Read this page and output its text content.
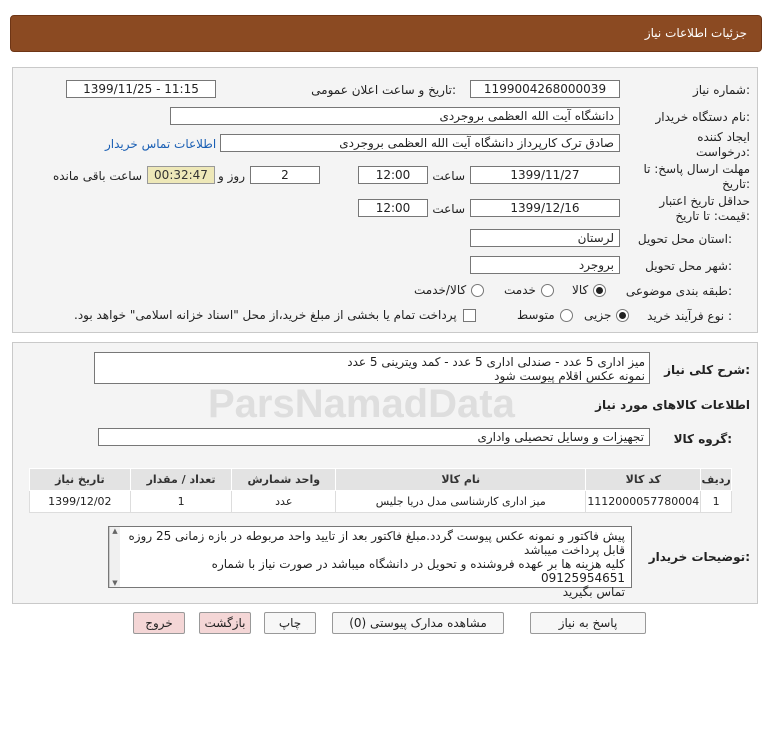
جزئیات اطلاعات نیاز
شماره نیاز:
1199004268000039
تاریخ و ساعت اعلان عمومی:
1399/11/25 - 11:15
نام دستگاه خریدار:
دانشگاه آیت الله العظمی بروجردی
ایجاد کننده درخواست:
صادق ترک کارپرداز دانشگاه آیت الله العظمی بروجردی
اطلاعات تماس خریدار
مهلت ارسال پاسخ: تا تاریخ:
1399/11/27
ساعت
12:00
2
روز و
00:32:47
ساعت باقی مانده
حداقل تاریخ اعتبار قیمت: تا تاریخ:
1399/12/16
ساعت
12:00
استان محل تحویل:
لرستان
شهر محل تحویل:
بروجرد
طبقه بندی موضوعی:
کالا
خدمت
کالا/خدمت
نوع فرآیند خرید :
جزیی
متوسط
پرداخت تمام یا بخشی از مبلغ خرید،از محل "اسناد خزانه اسلامی" خواهد بود.
شرح کلی نیاز:
میز اداری 5 عدد - صندلی اداری 5 عدد - کمد ویترینی 5 عدد
نمونه عکس اقلام پیوست شود
اطلاعات کالاهای مورد نیاز
گروه کالا:
تجهیزات و وسایل تحصیلی واداری
ردیف	کد کالا	نام کالا	واحد شمارش	تعداد / مقدار	تاریخ نیاز
1	1112000057780004	میز اداری کارشناسی مدل دریا جلیس	عدد	1	1399/12/02
توضیحات خریدار:
▲
▼
پیش فاکتور و نمونه عکس پیوست گردد.مبلغ فاکتور بعد از تایید واحد مربوطه در بازه زمانی 25 روزه
قابل پرداخت میباشد
کلیه هزینه ها بر عهده فروشنده و تحویل در دانشگاه میباشد در صورت نیاز با شماره 09125954651
تماس بگیرید
پاسخ به نیاز
مشاهده مدارک پیوستی (0)
چاپ
بازگشت
خروج
ParsNamadData
